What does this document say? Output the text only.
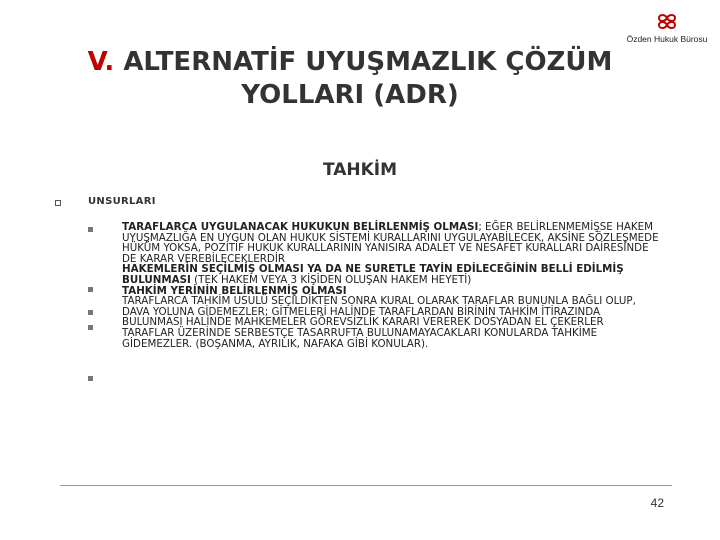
Özden Hukuk Bürosu
V. ALTERNATİF UYUŞMAZLIK ÇÖZÜM
YOLLARI (ADR)
TAHKİM
UNSURLARI

TARAFLARCA UYGULANACAK HUKUKUN BELİRLENMİŞ OLMASI; EĞER BELİRLENMEMİŞSE HAKEM UYUŞMAZLIĞA EN UYGUN OLAN HUKUK SİSTEMİ KURALLARINI UYGULAYABİLECEK, AKSİNE SÖZLEŞMEDE HÜKÜM YOKSA, POZİTİF HUKUK KURALLARININ YANISIRA ADALET VE NESAFET KURALLARI DAİRESİNDE DE KARAR VEREBİLECEKLERDİR

HAKEMLERİN SEÇİLMİŞ OLMASI YA DA NE SURETLE TAYİN EDİLECEĞİNİN BELLİ EDİLMİŞ BULUNMASI (TEK HAKEM VEYA 3 KİŞİDEN OLUŞAN HAKEM HEYETİ)

TAHKİM YERİNİN BELİRLENMİŞ OLMASI

TARAFLARCA TAHKİM USULÜ SEÇİLDİKTEN SONRA KURAL OLARAK TARAFLAR BUNUNLA BAĞLI OLUP, DAVA YOLUNA GİDEMEZLER; GİTMELERİ HALİNDE TARAFLARDAN BİRİNİN TAHKİM İTİRAZINDA BULUNMASI HALİNDE MAHKEMELER GÖREVSİZLİK KARARI VEREREK DOSYADAN EL ÇEKERLER

TARAFLAR ÜZERİNDE SERBESTÇE TASARRUFTA BULUNAMAYACAKLARI KONULARDA TAHKİME GİDEMEZLER. (BOŞANMA, AYRILIK, NAFAKA GİBİ KONULAR).

42
